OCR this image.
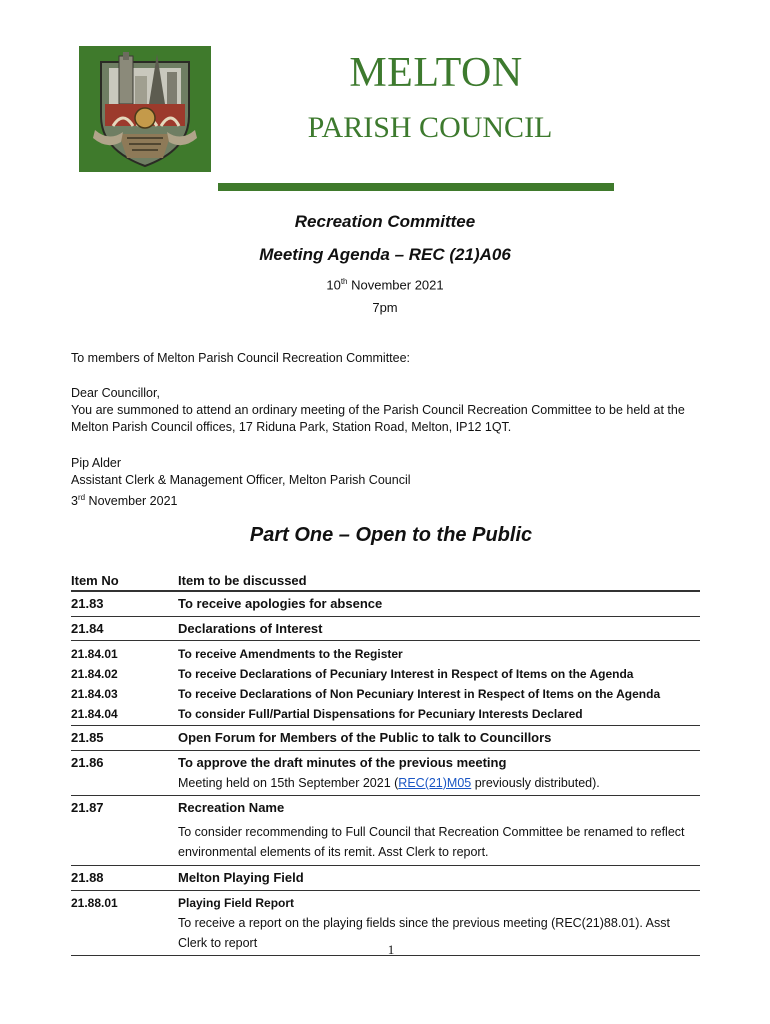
MELTON
PARISH COUNCIL
Recreation Committee
Meeting Agenda – REC (21)A06
10th November 2021
7pm
To members of Melton Parish Council Recreation Committee:
Dear Councillor,
You are summoned to attend an ordinary meeting of the Parish Council Recreation Committee to be held at the Melton Parish Council offices, 17 Riduna Park, Station Road, Melton, IP12 1QT.
Pip Alder
Assistant Clerk & Management Officer, Melton Parish Council
3rd November 2021
Part One – Open to the Public
Item No	Item to be discussed
21.83	To receive apologies for absence
21.84	Declarations of Interest
21.84.01	To receive Amendments to the Register
21.84.02	To receive Declarations of Pecuniary Interest in Respect of Items on the Agenda
21.84.03	To receive Declarations of Non Pecuniary Interest in Respect of Items on the Agenda
21.84.04	To consider Full/Partial Dispensations for Pecuniary Interests Declared
21.85	Open Forum for Members of the Public to talk to Councillors
21.86	To approve the draft minutes of the previous meeting
Meeting held on 15th September 2021 (REC(21)M05 previously distributed).
21.87	Recreation Name
To consider recommending to Full Council that Recreation Committee be renamed to reflect environmental elements of its remit. Asst Clerk to report.
21.88	Melton Playing Field
21.88.01	Playing Field Report
To receive a report on the playing fields since the previous meeting (REC(21)88.01). Asst Clerk to report	1
